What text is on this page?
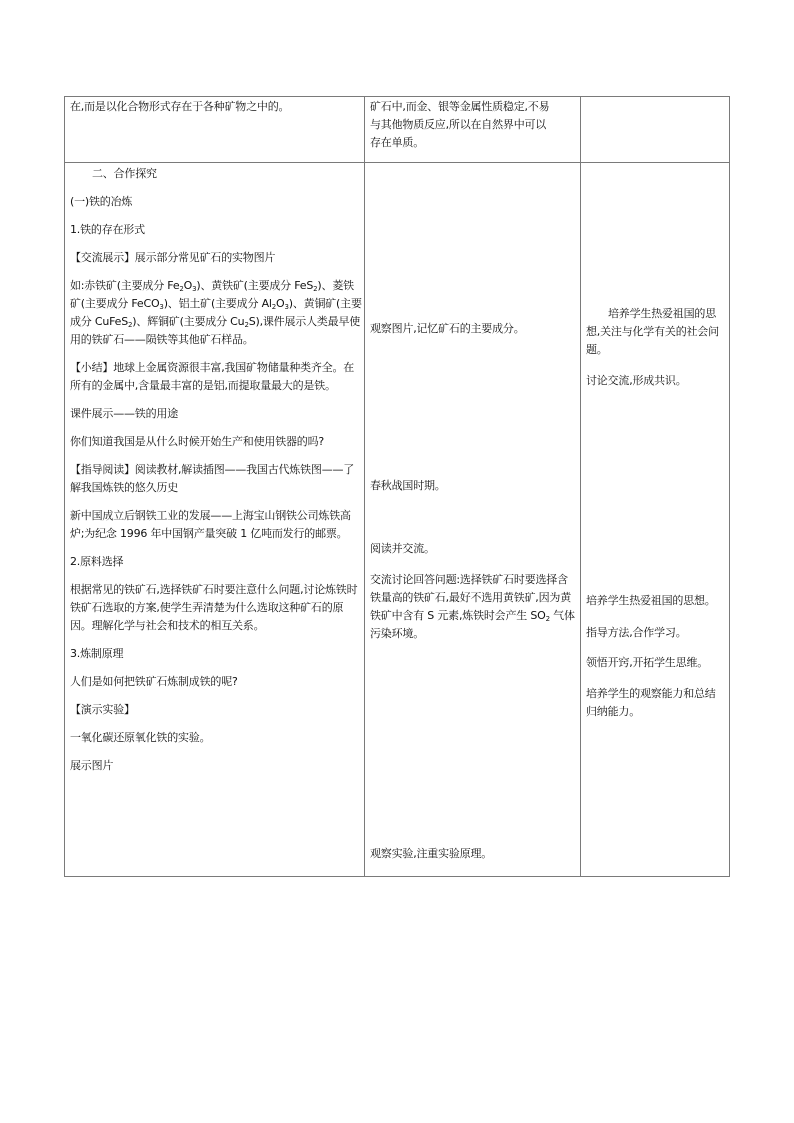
在,而是以化合物形式存在于各种矿物之中的。	矿石中,而金、银等金属性质稳定,不易
与其他物质反应,所以在自然界中可以
存在单质。

二、合作探究

(一)铁的冶炼

1.铁的存在形式

【交流展示】展示部分常见矿石的实物图片

如:赤铁矿(主要成分 $Fe_2O_3$)、黄铁矿(主要成分 FeS$_2$)、菱铁矿(主要成分 FeCO$_3$)、铝土矿(主要成分 $Al_2O_3$)、黄铜矿(主要成分 CuFeS$_2$)、辉铜矿(主要成分 $Cu_2S$),课件展示人类最早使用的铁矿石——陨铁等其他矿石样品。

【小结】地球上金属资源很丰富,我国矿物储量种类齐全。在所有的金属中,含量最丰富的是铝,而提取量最大的是铁。

课件展示——铁的用途

你们知道我国是从什么时候开始生产和使用铁器的吗?

【指导阅读】阅读教材,解读插图——我国古代炼铁图——了解我国炼铁的悠久历史

新中国成立后钢铁工业的发展——上海宝山钢铁公司炼铁高炉;为纪念 1996 年中国钢产量突破 1 亿吨而发行的邮票。

2.原料选择

根据常见的铁矿石,选择铁矿石时要注意什么问题,讨论炼铁时铁矿石选取的方案,使学生弄清楚为什么选取这种矿石的原因。理解化学与社会和技术的相互关系。

3.炼制原理

人们是如何把铁矿石炼制成铁的呢?

【演示实验】

一氧化碳还原氧化铁的实验。

展示图片

观察图片,记忆矿石的主要成分。
春秋战国时期。
阅读并交流。
交流讨论回答问题:选择铁矿石时要选择含铁量高的铁矿石,最好不选用黄铁矿,因为黄铁矿中含有 S 元素,炼铁时会产生 $SO_2$ 气体污染环境。
观察实验,注重实验原理。
培养学生热爱祖国的思想,关注与化学有关的社会问题。
讨论交流,形成共识。
培养学生热爱祖国的思想。
指导方法,合作学习。
领悟开窍,开拓学生思维。
培养学生的观察能力和总结归纳能力。
